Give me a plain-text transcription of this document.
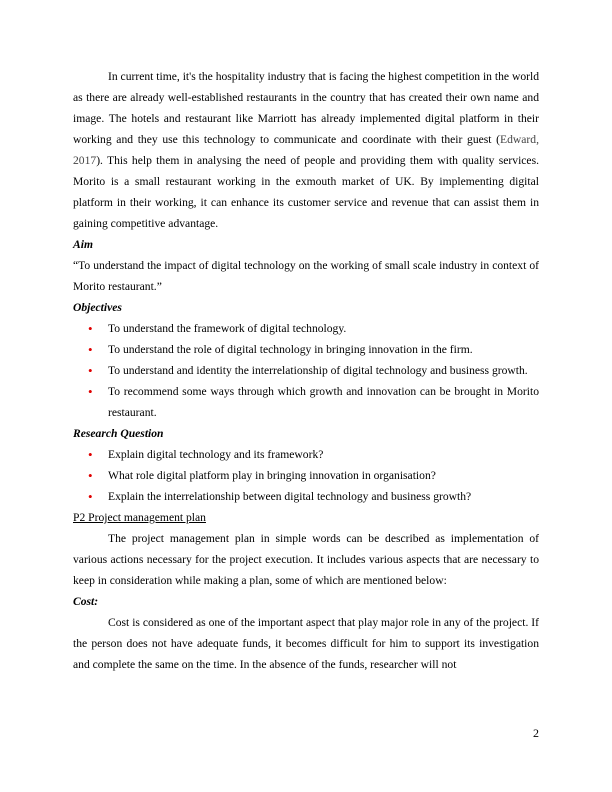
In current time, it's the hospitality industry that is facing the highest competition in the world as there are already well-established restaurants in the country that has created their own name and image. The hotels and restaurant like Marriott has already implemented digital platform in their working and they use this technology to communicate and coordinate with their guest (Edward, 2017). This help them in analysing the need of people and providing them with quality services. Morito is a small restaurant working in the exmouth market of UK. By implementing digital platform in their working, it can enhance its customer service and revenue that can assist them in gaining competitive advantage.

Aim

“To understand the impact of digital technology on the working of small scale industry in context of Morito restaurant.”

Objectives

• To understand the framework of digital technology.
• To understand the role of digital technology in bringing innovation in the firm.
• To understand and identity the interrelationship of digital technology and business growth.
• To recommend some ways through which growth and innovation can be brought in Morito restaurant.

Research Question

• Explain digital technology and its framework?
• What role digital platform play in bringing innovation in organisation?
• Explain the interrelationship between digital technology and business growth?

P2 Project management plan

The project management plan in simple words can be described as implementation of various actions necessary for the project execution. It includes various aspects that are necessary to keep in consideration while making a plan, some of which are mentioned below:

Cost:

Cost is considered as one of the important aspect that play major role in any of the project. If the person does not have adequate funds, it becomes difficult for him to support its investigation and complete the same on the time. In the absence of the funds, researcher will not

2
